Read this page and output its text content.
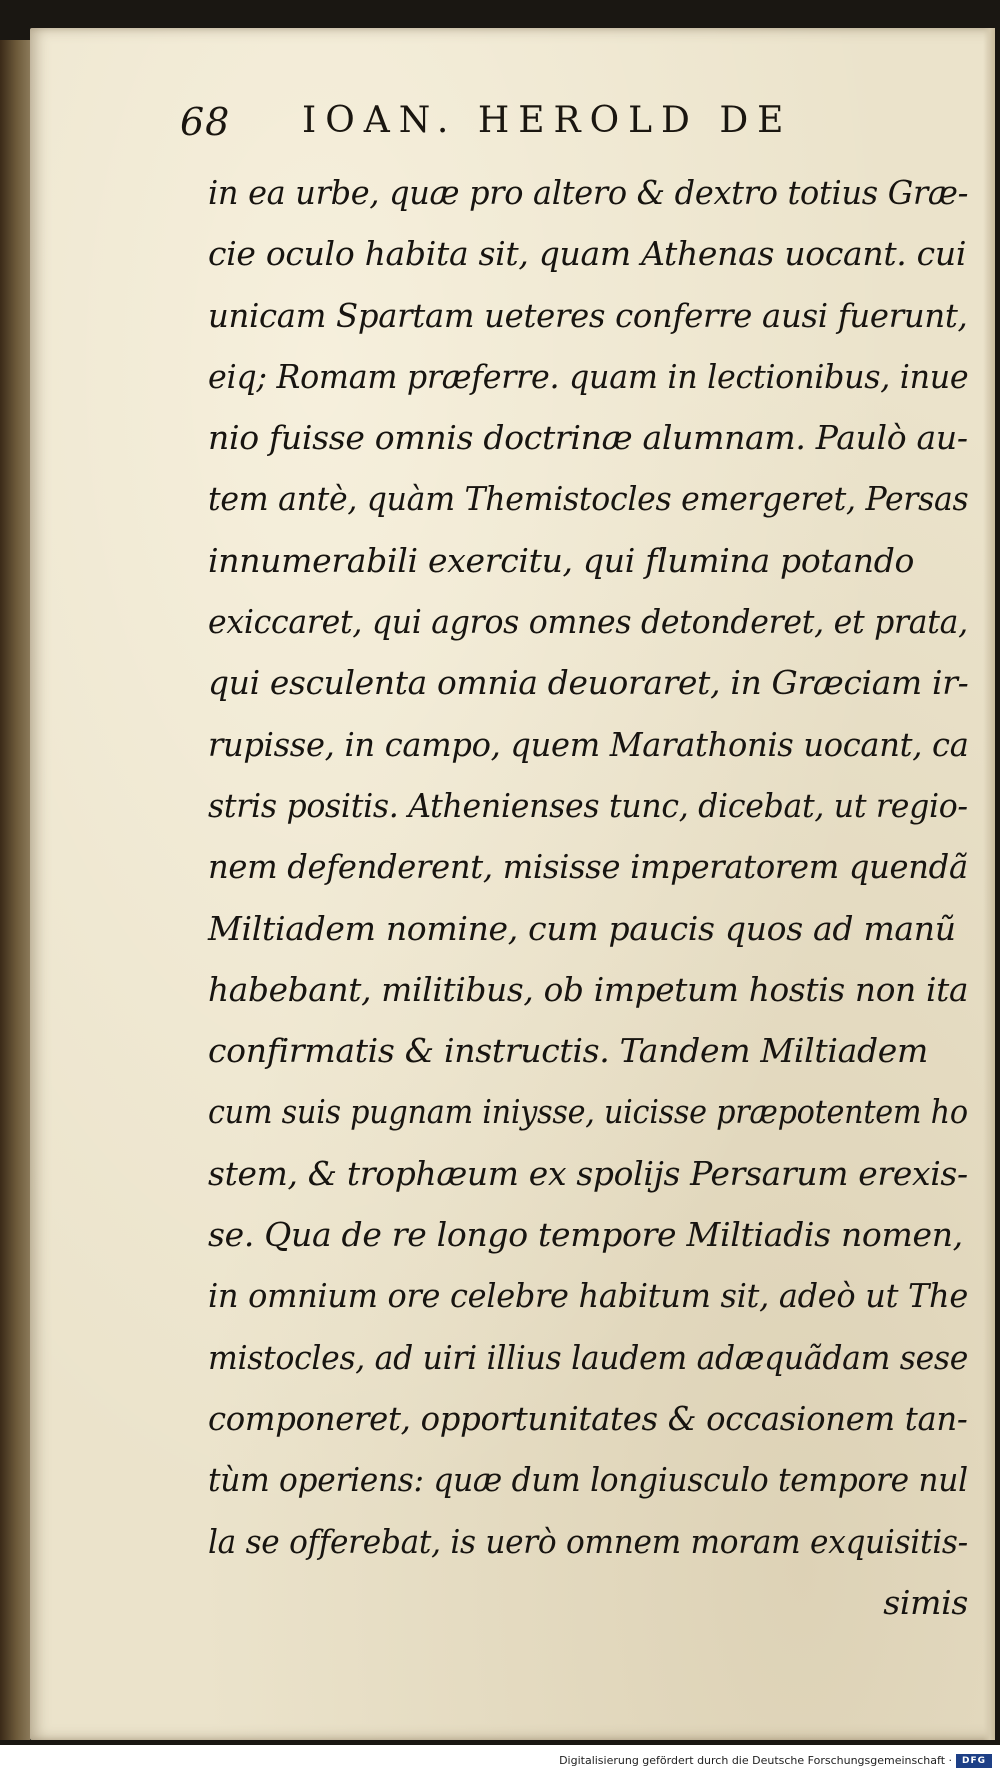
68 IOAN. HEROLD DE
in ea urbe, quæ pro altero & dextro totius Græ-
cie oculo habita sit, quam Athenas uocant. cui
unicam Spartam ueteres conferre ausi fuerunt,
eiq; Romam præferre. quam in lectionibus, inue
nio fuisse omnis doctrinæ alumnam. Paulò au-
tem antè, quàm Themistocles emergeret, Persas
innumerabili exercitu, qui flumina potando
exiccaret, qui agros omnes detonderet, et prata,
qui esculenta omnia deuoraret, in Græciam ir-
rupisse, in campo, quem Marathonis uocant, ca
stris positis. Athenienses tunc, dicebat, ut regio-
nem defenderent, misisse imperatorem quendã
Miltiadem nomine, cum paucis quos ad manũ
habebant, militibus, ob impetum hostis non ita
confirmatis & instructis. Tandem Miltiadem
cum suis pugnam iniysse, uicisse præpotentem ho
stem, & trophæum ex spolijs Persarum erexis-
se. Qua de re longo tempore Miltiadis nomen,
in omnium ore celebre habitum sit, adeò ut The
mistocles, ad uiri illius laudem adæquãdam sese
componeret, opportunitates & occasionem tan-
tùm operiens: quæ dum longiusculo tempore nul
la se offerebat, is uerò omnem moram exquisitis-
simis
Digitalisierung gefördert durch die Deutsche Forschungsgemeinschaft ·	DFG
